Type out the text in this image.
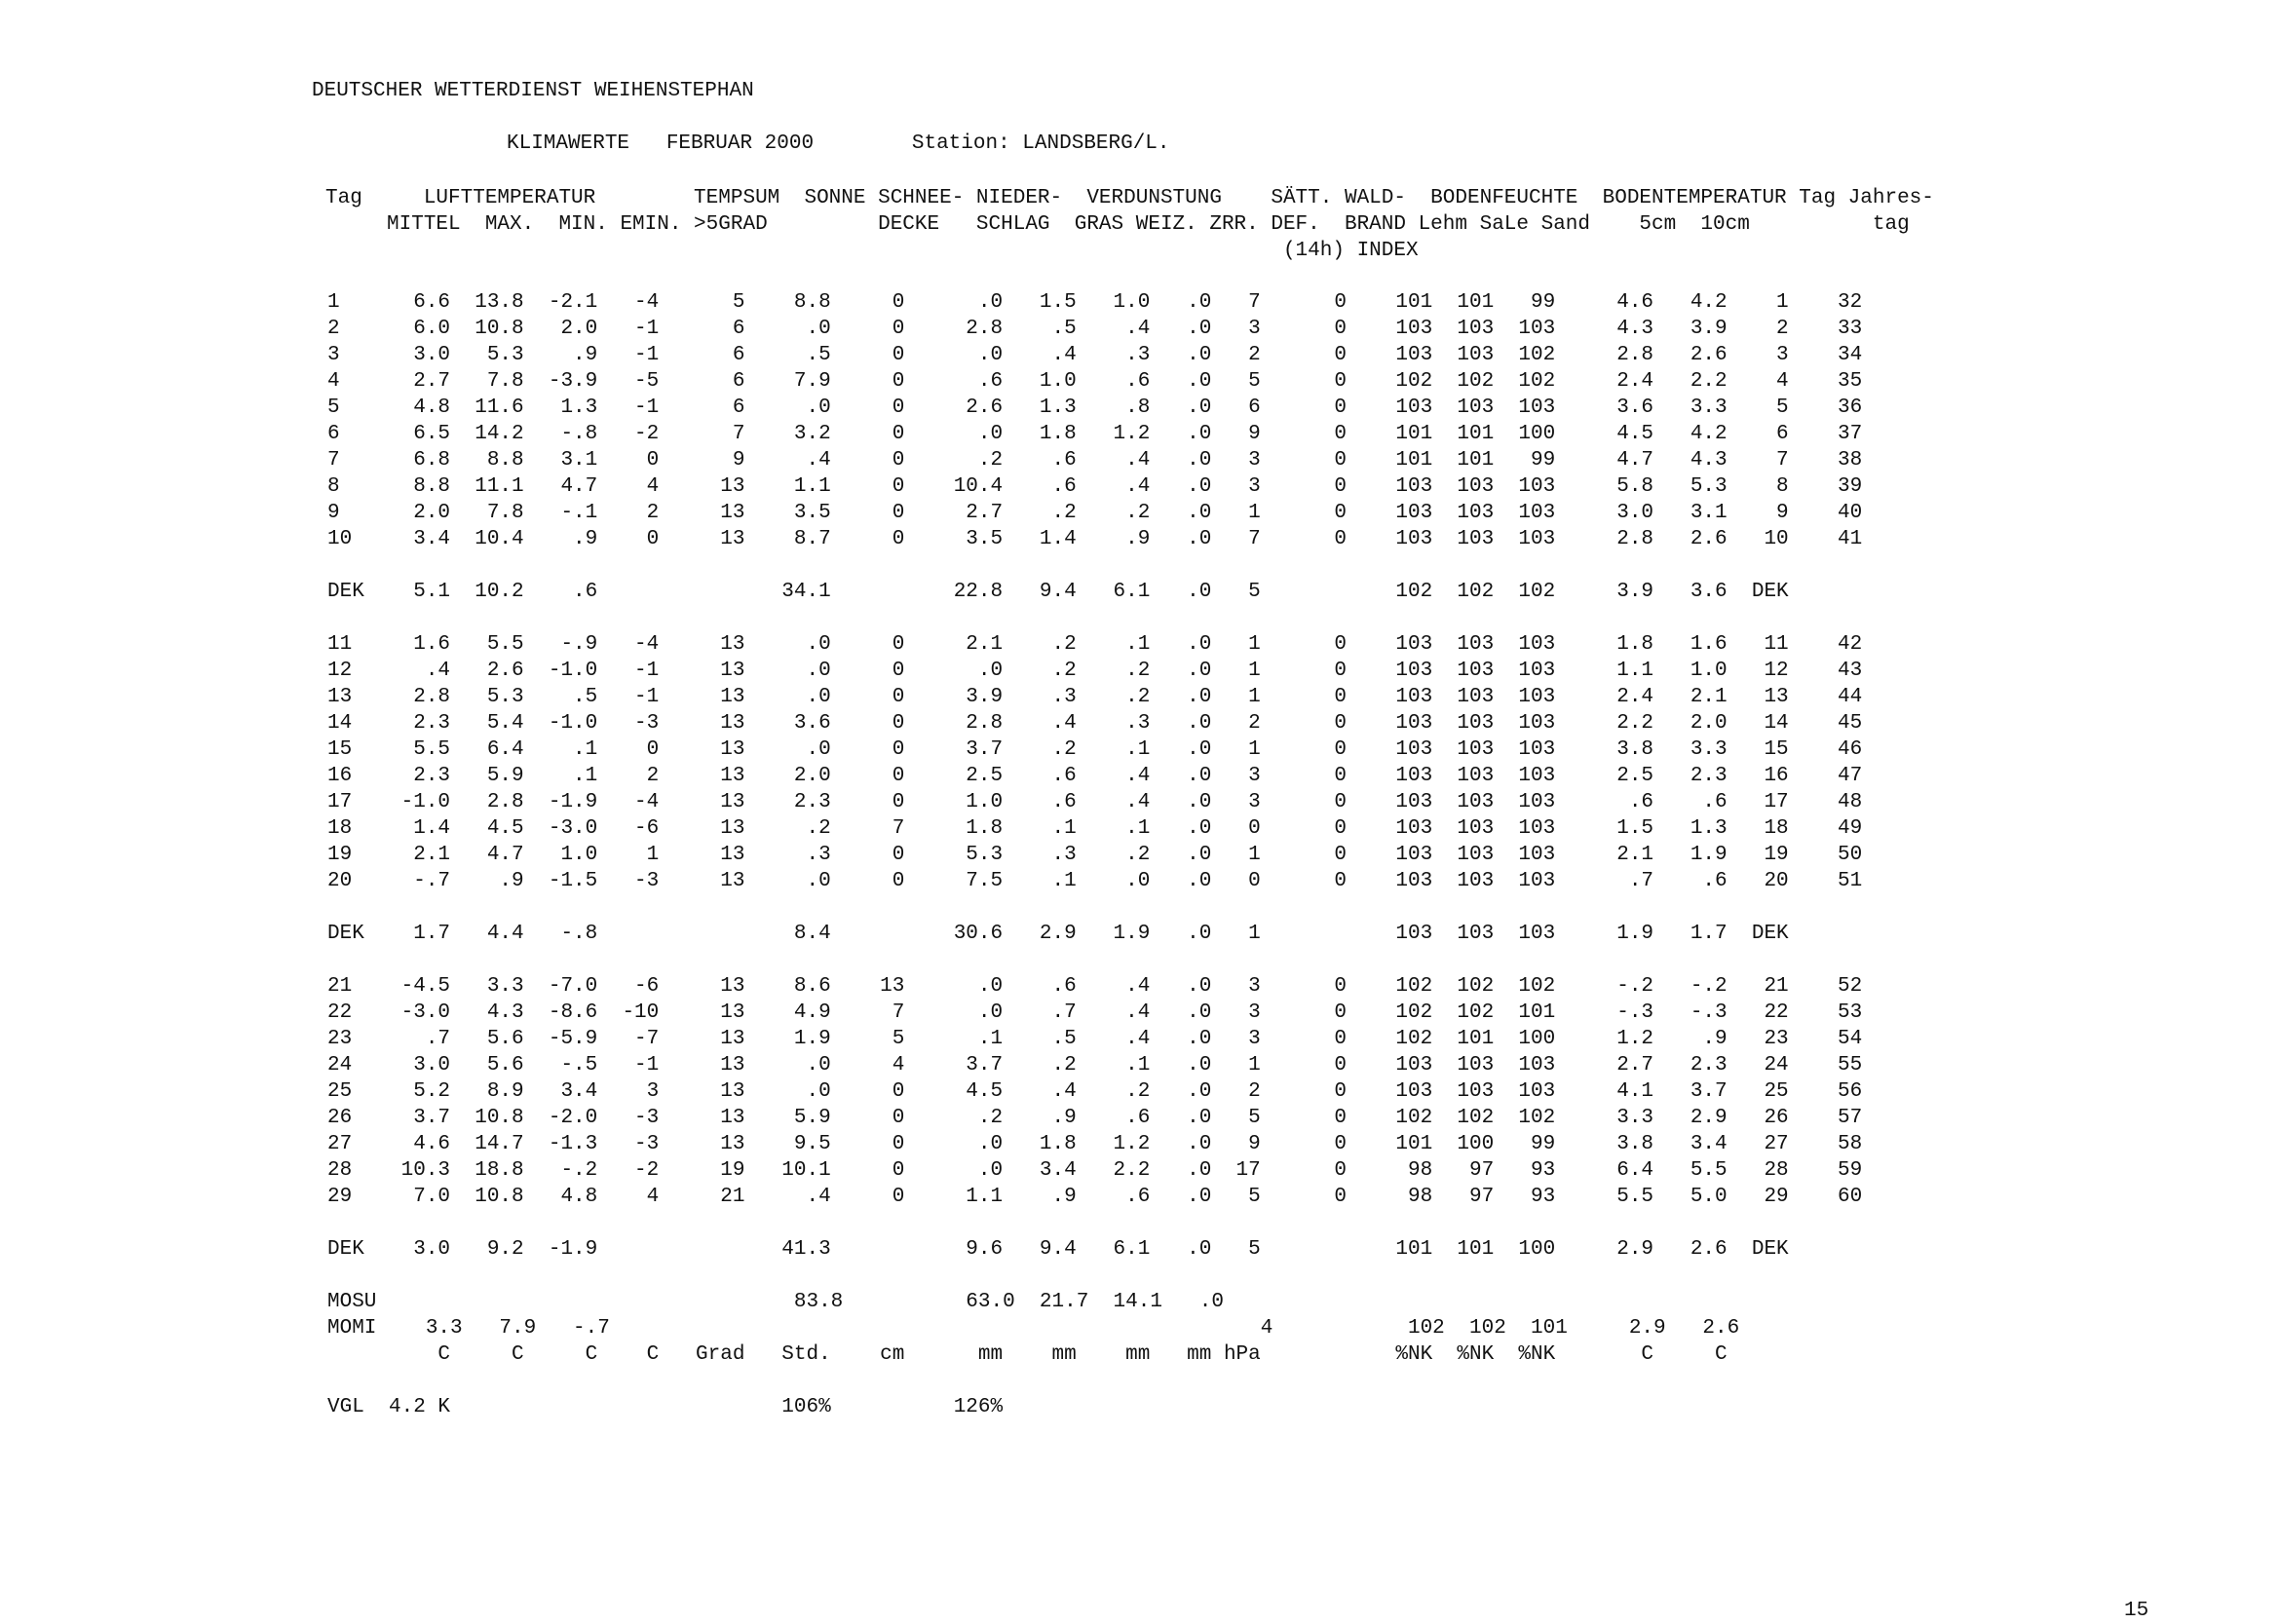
DEUTSCHER WETTERDIENST WEIHENSTEPHAN
KLIMAWERTE   FEBRUAR 2000        Station: LANDSBERG/L.
Tag     LUFTTEMPERATUR        TEMPSUM  SONNE SCHNEE- NIEDER-  VERDUNSTUNG    SÄTT. WALD-  BODENFEUCHTE  BODENTEMPERATUR Tag Jahres-
MITTEL  MAX.  MIN. EMIN. >5GRAD         DECKE   SCHLAG  GRAS WEIZ. ZRR. DEF.  BRAND Lehm SaLe Sand    5cm  10cm          tag
(14h) INDEX
1      6.6  13.8  -2.1   -4      5    8.8     0      .0   1.5   1.0   .0   7      0    101  101   99     4.6   4.2    1    32
2      6.0  10.8   2.0   -1      6     .0     0     2.8    .5    .4   .0   3      0    103  103  103     4.3   3.9    2    33
3      3.0   5.3    .9   -1      6     .5     0      .0    .4    .3   .0   2      0    103  103  102     2.8   2.6    3    34
4      2.7   7.8  -3.9   -5      6    7.9     0      .6   1.0    .6   .0   5      0    102  102  102     2.4   2.2    4    35
5      4.8  11.6   1.3   -1      6     .0     0     2.6   1.3    .8   .0   6      0    103  103  103     3.6   3.3    5    36
6      6.5  14.2   -.8   -2      7    3.2     0      .0   1.8   1.2   .0   9      0    101  101  100     4.5   4.2    6    37
7      6.8   8.8   3.1    0      9     .4     0      .2    .6    .4   .0   3      0    101  101   99     4.7   4.3    7    38
8      8.8  11.1   4.7    4     13    1.1     0    10.4    .6    .4   .0   3      0    103  103  103     5.8   5.3    8    39
9      2.0   7.8   -.1    2     13    3.5     0     2.7    .2    .2   .0   1      0    103  103  103     3.0   3.1    9    40
10     3.4  10.4    .9    0     13    8.7     0     3.5   1.4    .9   .0   7      0    103  103  103     2.8   2.6   10    41
DEK    5.1  10.2    .6               34.1          22.8   9.4   6.1   .0   5           102  102  102     3.9   3.6  DEK
11     1.6   5.5   -.9   -4     13     .0     0     2.1    .2    .1   .0   1      0    103  103  103     1.8   1.6   11    42
12      .4   2.6  -1.0   -1     13     .0     0      .0    .2    .2   .0   1      0    103  103  103     1.1   1.0   12    43
13     2.8   5.3    .5   -1     13     .0     0     3.9    .3    .2   .0   1      0    103  103  103     2.4   2.1   13    44
14     2.3   5.4  -1.0   -3     13    3.6     0     2.8    .4    .3   .0   2      0    103  103  103     2.2   2.0   14    45
15     5.5   6.4    .1    0     13     .0     0     3.7    .2    .1   .0   1      0    103  103  103     3.8   3.3   15    46
16     2.3   5.9    .1    2     13    2.0     0     2.5    .6    .4   .0   3      0    103  103  103     2.5   2.3   16    47
17    -1.0   2.8  -1.9   -4     13    2.3     0     1.0    .6    .4   .0   3      0    103  103  103      .6    .6   17    48
18     1.4   4.5  -3.0   -6     13     .2     7     1.8    .1    .1   .0   0      0    103  103  103     1.5   1.3   18    49
19     2.1   4.7   1.0    1     13     .3     0     5.3    .3    .2   .0   1      0    103  103  103     2.1   1.9   19    50
20     -.7    .9  -1.5   -3     13     .0     0     7.5    .1    .0   .0   0      0    103  103  103      .7    .6   20    51
DEK    1.7   4.4   -.8                8.4          30.6   2.9   1.9   .0   1           103  103  103     1.9   1.7  DEK
21    -4.5   3.3  -7.0   -6     13    8.6    13      .0    .6    .4   .0   3      0    102  102  102     -.2   -.2   21    52
22    -3.0   4.3  -8.6  -10     13    4.9     7      .0    .7    .4   .0   3      0    102  102  101     -.3   -.3   22    53
23      .7   5.6  -5.9   -7     13    1.9     5      .1    .5    .4   .0   3      0    102  101  100     1.2    .9   23    54
24     3.0   5.6   -.5   -1     13     .0     4     3.7    .2    .1   .0   1      0    103  103  103     2.7   2.3   24    55
25     5.2   8.9   3.4    3     13     .0     0     4.5    .4    .2   .0   2      0    103  103  103     4.1   3.7   25    56
26     3.7  10.8  -2.0   -3     13    5.9     0      .2    .9    .6   .0   5      0    102  102  102     3.3   2.9   26    57
27     4.6  14.7  -1.3   -3     13    9.5     0      .0   1.8   1.2   .0   9      0    101  100   99     3.8   3.4   27    58
28    10.3  18.8   -.2   -2     19   10.1     0      .0   3.4   2.2   .0  17      0     98   97   93     6.4   5.5   28    59
29     7.0  10.8   4.8    4     21     .4     0     1.1    .9    .6   .0   5      0     98   97   93     5.5   5.0   29    60
DEK    3.0   9.2  -1.9               41.3           9.6   9.4   6.1   .0   5           101  101  100     2.9   2.6  DEK
MOSU                                  83.8          63.0  21.7  14.1   .0
MOMI    3.3   7.9   -.7                                                     4           102  102  101     2.9   2.6
C     C     C    C   Grad   Std.    cm      mm    mm    mm   mm hPa           %NK  %NK  %NK       C     C
VGL  4.2 K                           106%          126%
15
